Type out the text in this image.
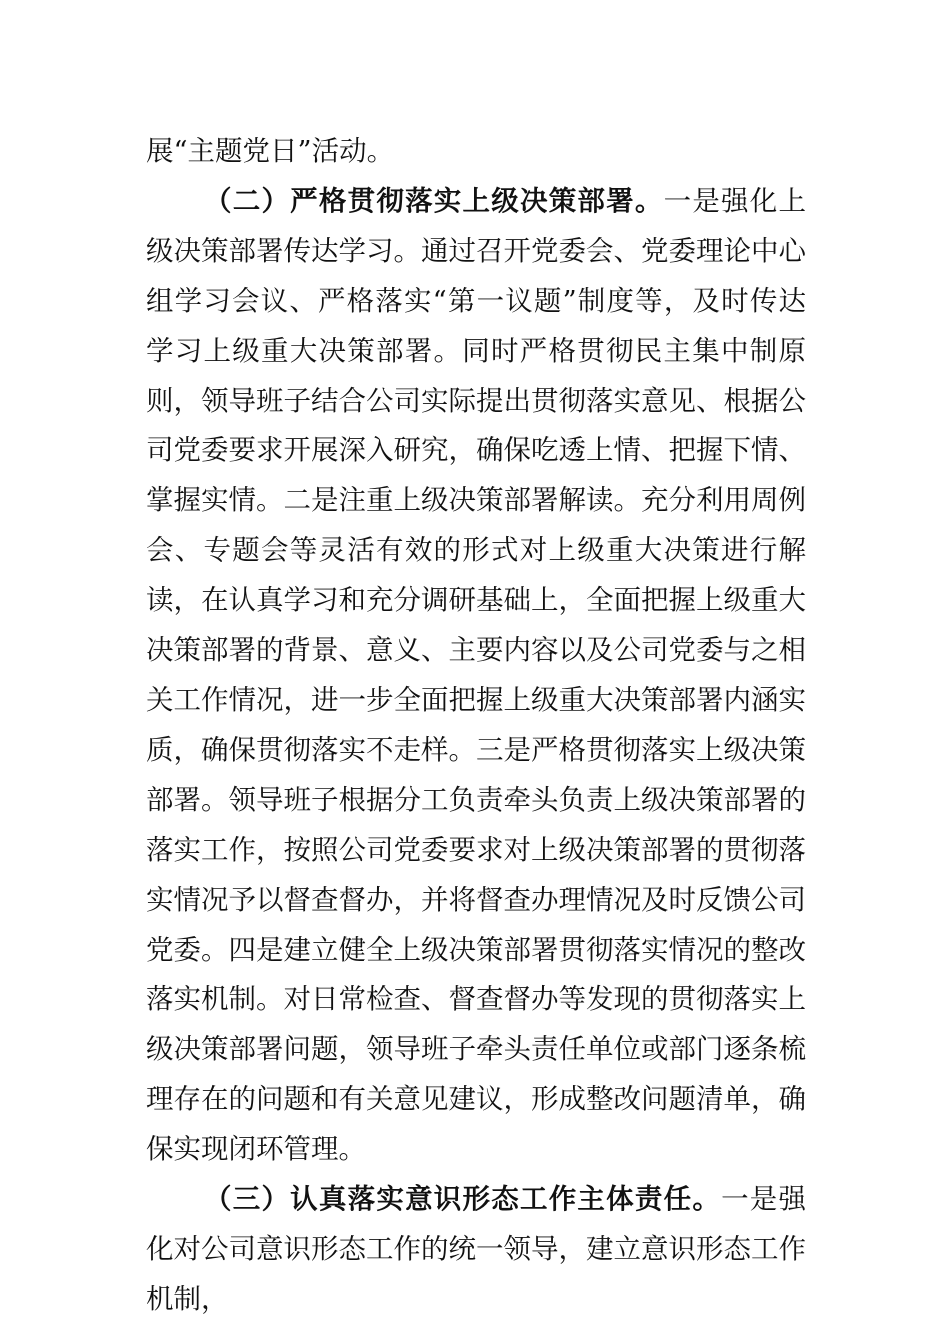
展“主题党日”活动。

（二）严格贯彻落实上级决策部署。一是强化上级决策部署传达学习。通过召开党委会、党委理论中心组学习会议、严格落实“第一议题”制度等，及时传达学习上级重大决策部署。同时严格贯彻民主集中制原则，领导班子结合公司实际提出贯彻落实意见、根据公司党委要求开展深入研究，确保吃透上情、把握下情、掌握实情。二是注重上级决策部署解读。充分利用周例会、专题会等灵活有效的形式对上级重大决策进行解读，在认真学习和充分调研基础上，全面把握上级重大决策部署的背景、意义、主要内容以及公司党委与之相关工作情况，进一步全面把握上级重大决策部署内涵实质，确保贯彻落实不走样。三是严格贯彻落实上级决策部署。领导班子根据分工负责牵头负责上级决策部署的落实工作，按照公司党委要求对上级决策部署的贯彻落实情况予以督查督办，并将督查办理情况及时反馈公司党委。四是建立健全上级决策部署贯彻落实情况的整改落实机制。对日常检查、督查督办等发现的贯彻落实上级决策部署问题，领导班子牵头责任单位或部门逐条梳理存在的问题和有关意见建议，形成整改问题清单，确保实现闭环管理。

（三）认真落实意识形态工作主体责任。一是强化对公司意识形态工作的统一领导，建立意识形态工作机制，
